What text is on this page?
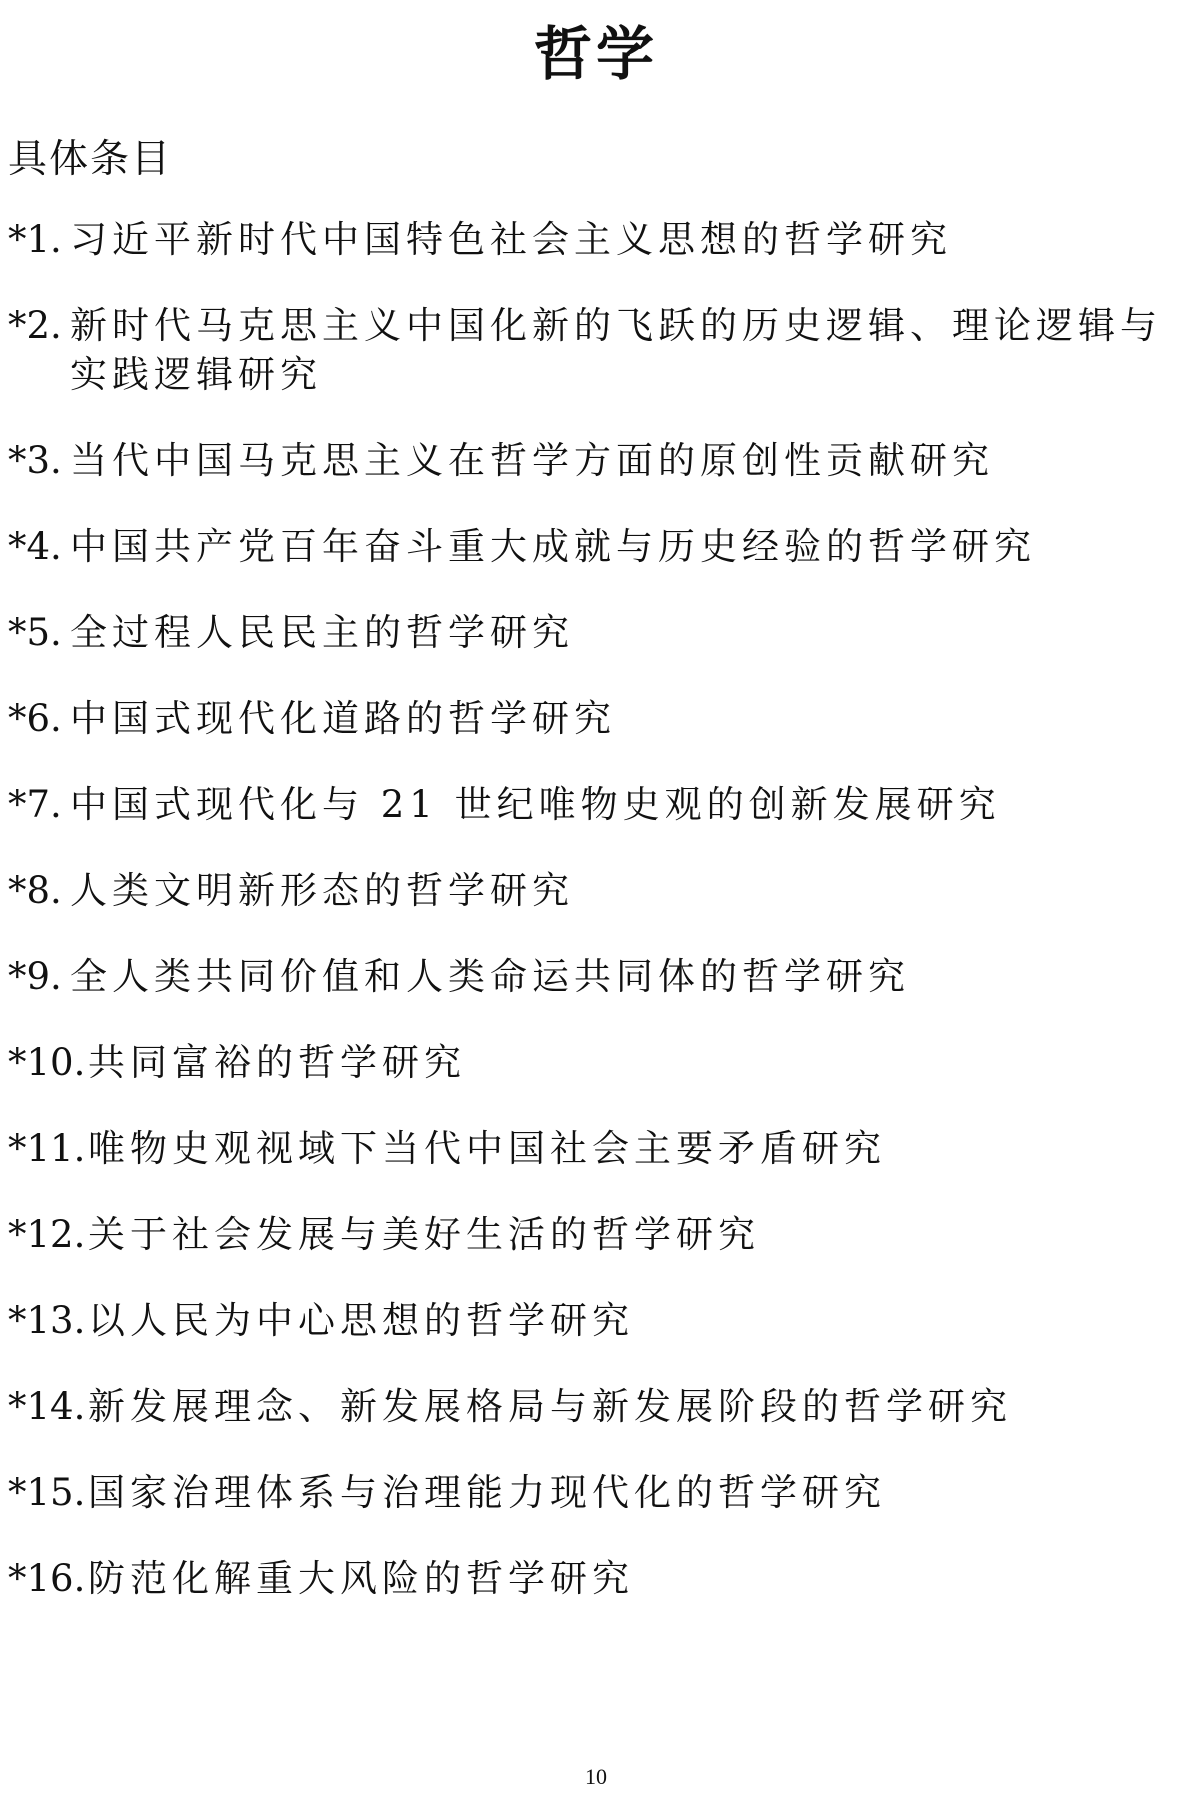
哲学
具体条目
*1. 习近平新时代中国特色社会主义思想的哲学研究
*2. 新时代马克思主义中国化新的飞跃的历史逻辑、理论逻辑与实践逻辑研究
*3. 当代中国马克思主义在哲学方面的原创性贡献研究
*4. 中国共产党百年奋斗重大成就与历史经验的哲学研究
*5. 全过程人民民主的哲学研究
*6. 中国式现代化道路的哲学研究
*7. 中国式现代化与 21 世纪唯物史观的创新发展研究
*8. 人类文明新形态的哲学研究
*9. 全人类共同价值和人类命运共同体的哲学研究
*10. 共同富裕的哲学研究
*11. 唯物史观视域下当代中国社会主要矛盾研究
*12. 关于社会发展与美好生活的哲学研究
*13. 以人民为中心思想的哲学研究
*14. 新发展理念、新发展格局与新发展阶段的哲学研究
*15. 国家治理体系与治理能力现代化的哲学研究
*16. 防范化解重大风险的哲学研究
10
